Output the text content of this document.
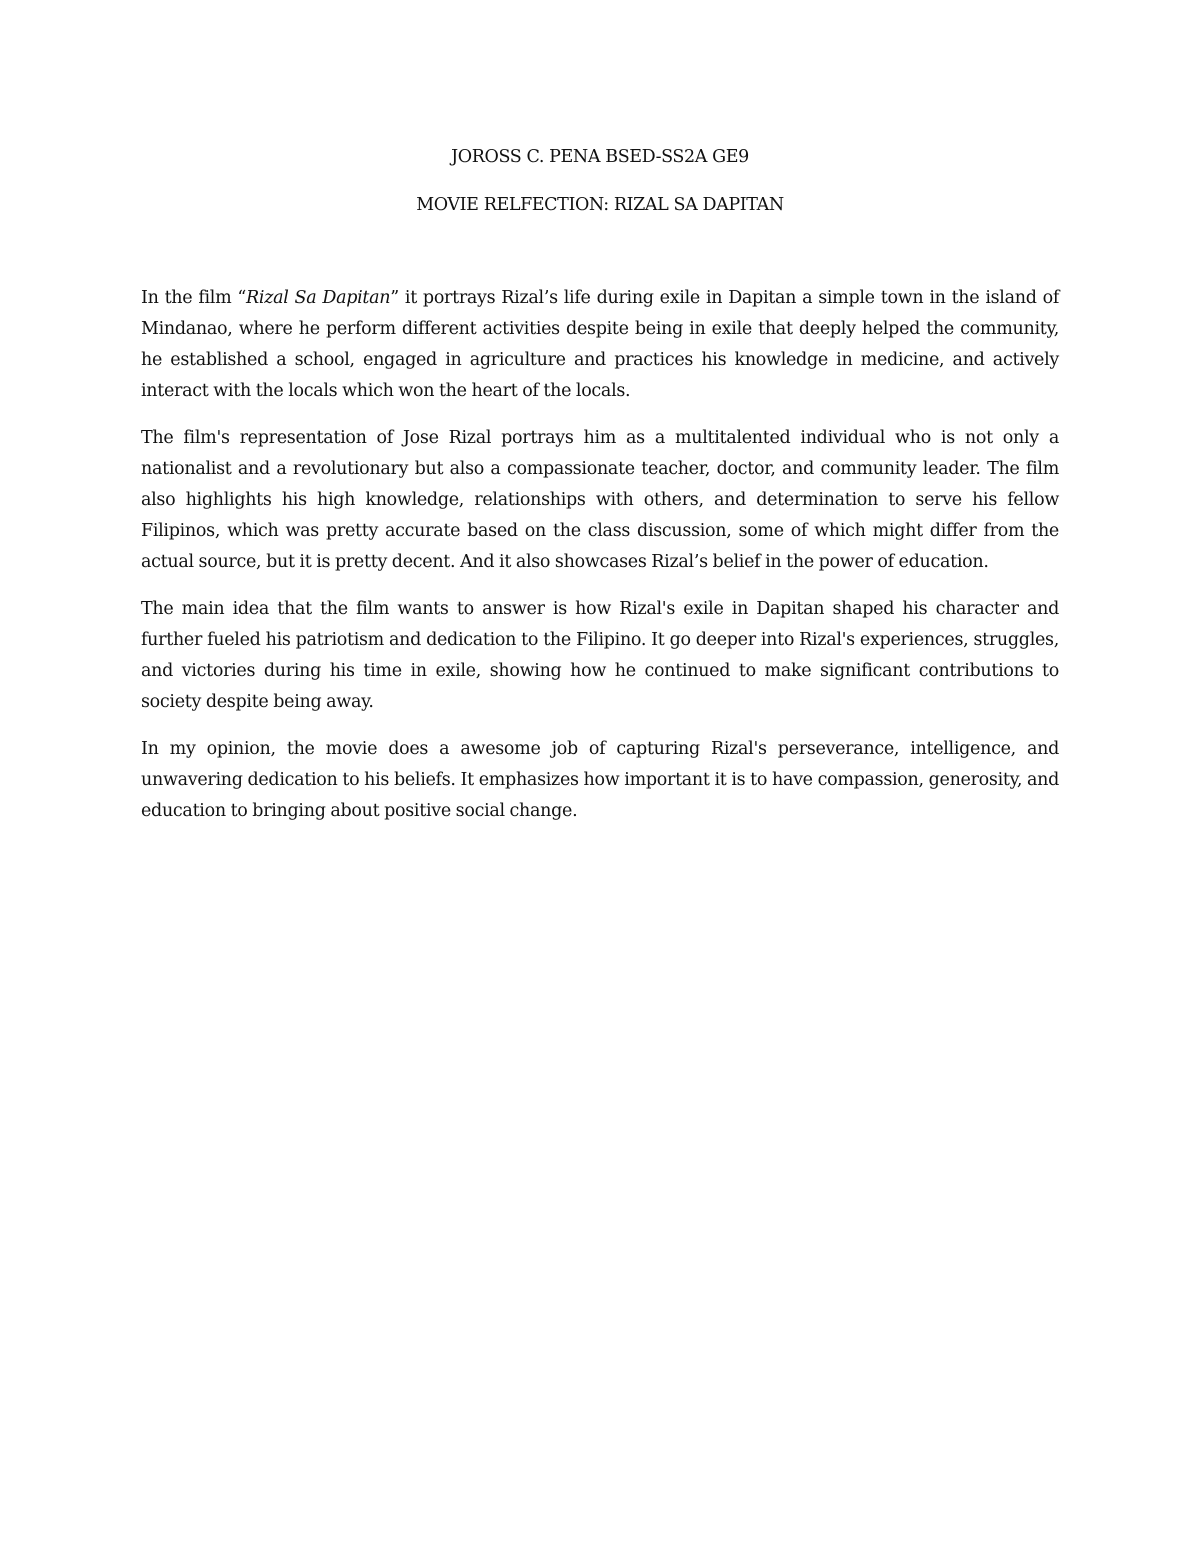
JOROSS C. PENA BSED-SS2A GE9
MOVIE RELFECTION: RIZAL SA DAPITAN

In the film “Rizal Sa Dapitan” it portrays Rizal’s life during exile in Dapitan a simple town in the island of Mindanao, where he perform different activities despite being in exile that deeply helped the community, he established a school, engaged in agriculture and practices his knowledge in medicine, and actively interact with the locals which won the heart of the locals.

The film's representation of Jose Rizal portrays him as a multitalented individual who is not only a nationalist and a revolutionary but also a compassionate teacher, doctor, and community leader. The film also highlights his high knowledge, relationships with others, and determination to serve his fellow Filipinos, which was pretty accurate based on the class discussion, some of which might differ from the actual source, but it is pretty decent. And it also showcases Rizal’s belief in the power of education.

The main idea that the film wants to answer is how Rizal's exile in Dapitan shaped his character and further fueled his patriotism and dedication to the Filipino. It go deeper into Rizal's experiences, struggles, and victories during his time in exile, showing how he continued to make significant contributions to society despite being away.

In my opinion, the movie does a awesome job of capturing Rizal's perseverance, intelligence, and unwavering dedication to his beliefs. It emphasizes how important it is to have compassion, generosity, and education to bringing about positive social change.
